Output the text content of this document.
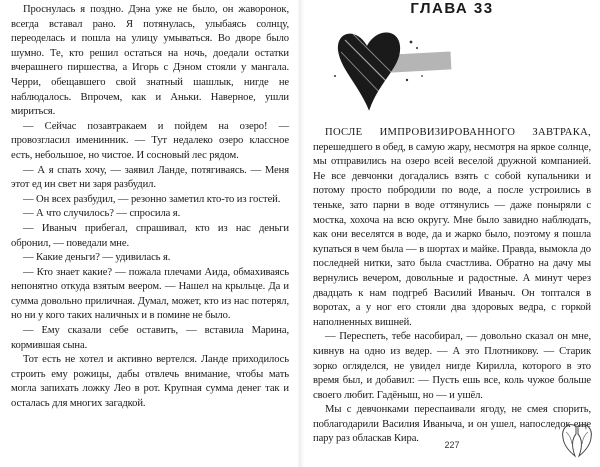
Проснулась я поздно. Дэна уже не было, он жаворонок, всегда вставал рано. Я потянулась, улыбаясь солнцу, переоделась и пошла на улицу умываться. Во дворе было шумно. Те, кто решил остаться на ночь, доедали остатки вчерашнего пиршества, а Игорь с Дэном стояли у мангала. Черри, обещавшего свой знатный шашлык, нигде не наблюдалось. Впрочем, как и Аньки. Наверное, ушли мириться.

— Сейчас позавтракаем и пойдем на озеро! — провозгласил именинник. — Тут недалеко озеро классное есть, небольшое, но чистое. И сосновый лес рядом.

— А я спать хочу, — заявил Ланде, потягиваясь. — Меня этот ед ин свет ни заря разбудил.

— Он всех разбудил, — резонно заметил кто-то из гостей.

— А что случилось? — спросила я.

— Иваныч прибегал, спрашивал, кто из нас деньги обронил, — поведали мне.

— Какие деньги? — удивилась я.

— Кто знает какие? — пожала плечами Аида, обмахиваясь непонятно откуда взятым веером. — Нашел на крыльце. Да и сумма довольно приличная. Думал, может, кто из нас потерял, но ни у кого таких наличных и в помине не было.

— Ему сказали себе оставить, — вставила Марина, кормившая сына.

Тот есть не хотел и активно вертелся. Ланде приходилось строить ему рожицы, дабы отвлечь внимание, чтобы мать могла запихать ложку Лео в рот. Крупная сумма денег так и осталась для многих загадкой.

ГЛАВА 33

ПОСЛЕ ИМПРОВИЗИРОВАННОГО ЗАВТРАКА, перешедшего в обед, в самую жару, несмотря на яркое солнце, мы отправились на озеро всей веселой дружной компанией. Не все девчонки догадались взять с собой купальники и потому просто побродили по воде, а после устроились в теньке, зато парни в воде оттянулись — даже поныряли с мостка, хохоча на всю округу. Мне было завидно наблюдать, как они веселятся в воде, да и жарко было, поэтому я пошла купаться в чем была — в шортах и майке. Правда, вымокла до последней нитки, зато была счастлива. Обратно на дачу мы вернулись вечером, довольные и радостные. А минут через двадцать к нам подгреб Василий Иваныч. Он топтался в воротах, а у ног его стояли два здоровых ведра, с горкой наполненных вишней.

— Переспеть, тебе насобирал, — довольно сказал он мне, кивнув на одно из ведер. — А это Плотникову. — Старик зорко огляделся, не увидел нигде Кирилла, которого в это время был, и добавил: — Пусть ешь все, коль чужое больше своего любит. Гадёныш, но — и ушёл.

Мы с девчонками переспаивали ягоду, не смея спорить, поблагодарили Василия Иваныча, и он ушел, напоследок еще пару раз обласкав Кира.

227
